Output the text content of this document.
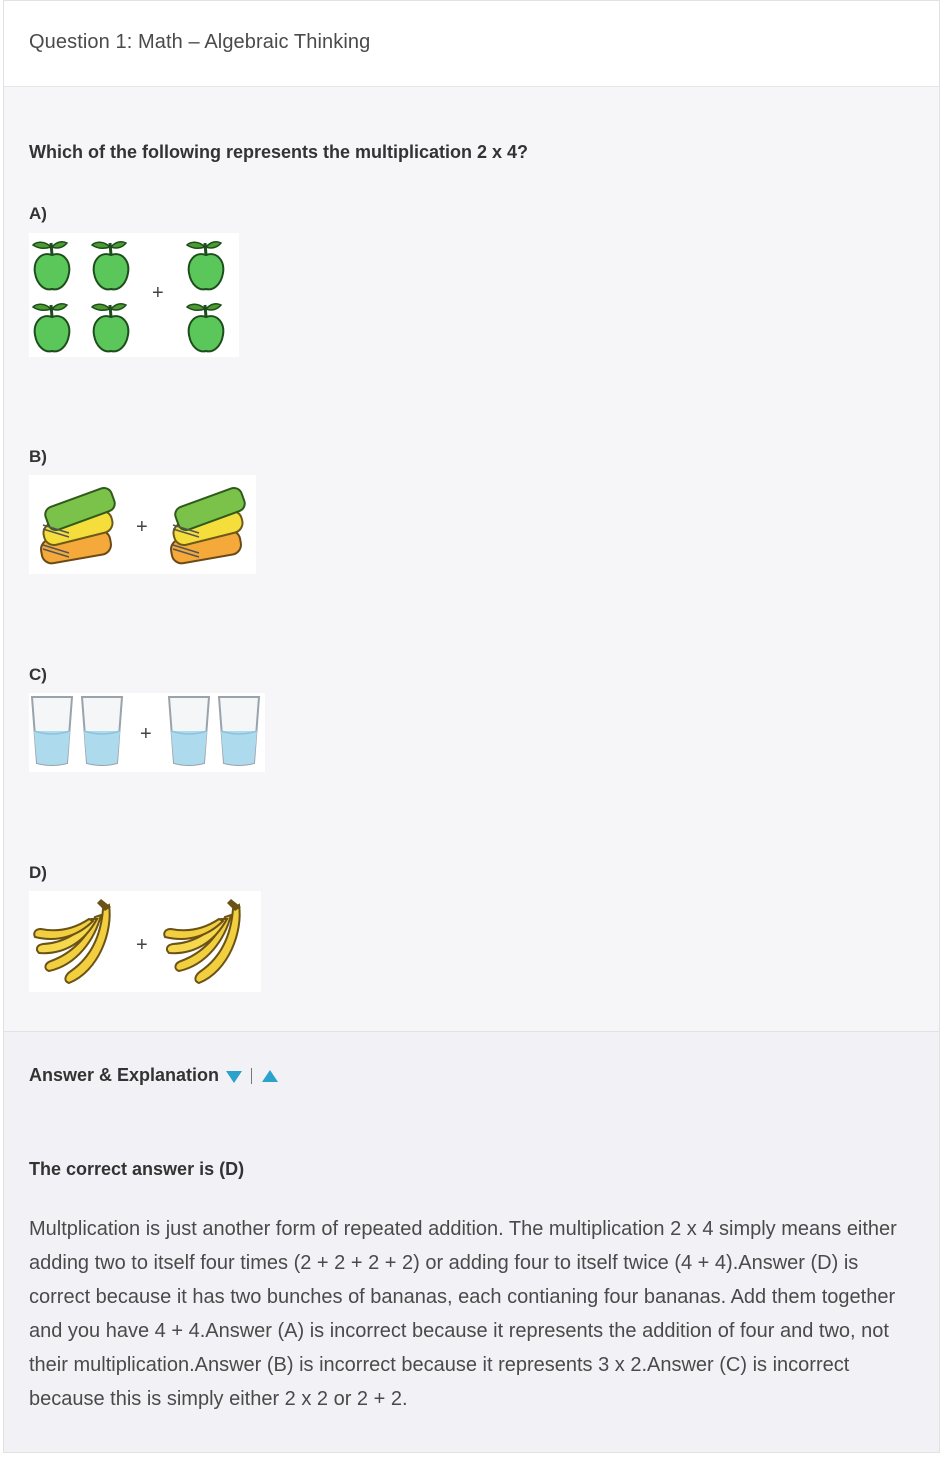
Question 1: Math – Algebraic Thinking
Which of the following represents the multiplication 2 x 4?
A)
+
B)
+
C)
+
D)
+
Answer & Explanation
The correct answer is (D)
Multplication is just another form of repeated addition. The multiplication 2 x 4 simply means either adding two to itself four times (2 + 2 + 2 + 2) or adding four to itself twice (4 + 4).Answer (D) is correct because it has two bunches of bananas, each contianing four bananas. Add them together and you have 4 + 4.Answer (A) is incorrect because it represents the addition of four and two, not their multiplication.Answer (B) is incorrect because it represents 3 x 2.Answer (C) is incorrect because this is simply either 2 x 2 or 2 + 2.
